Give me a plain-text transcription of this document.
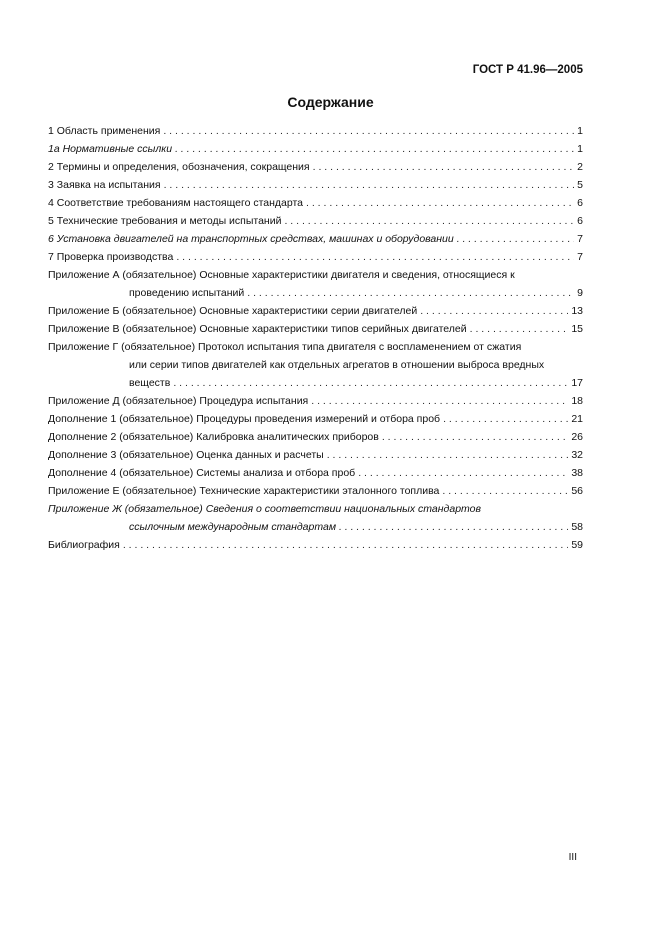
ГОСТ Р 41.96—2005
Содержание
1 Область применения . . .	1
1а Нормативные ссылки . . .	1
2 Термины и определения, обозначения, сокращения . . .	2
3 Заявка на испытания . . .	5
4 Соответствие требованиям настоящего стандарта . . .	6
5 Технические требования и методы испытаний . . .	6
6 Установка двигателей на транспортных средствах, машинах и оборудовании . . .	7
7 Проверка производства . . .	7
Приложение А (обязательное) Основные характеристики двигателя и сведения, относящиеся к
проведению испытаний . . .	9
Приложение Б (обязательное) Основные характеристики серии двигателей . . .	13
Приложение В (обязательное) Основные характеристики типов серийных двигателей . . .	15
Приложение Г (обязательное) Протокол испытания типа двигателя с воспламенением от сжатия
или серии типов двигателей как отдельных агрегатов в отношении выброса вредных
веществ . . .	17
Приложение Д (обязательное) Процедура испытания . . .	18
Дополнение 1 (обязательное) Процедуры проведения измерений и отбора проб . . .	21
Дополнение 2 (обязательное) Калибровка аналитических приборов . . .	26
Дополнение 3 (обязательное) Оценка данных и расчеты . . .	32
Дополнение 4 (обязательное) Системы анализа и отбора проб . . .	38
Приложение Е (обязательное) Технические характеристики эталонного топлива . . .	56
Приложение Ж (обязательное) Сведения о соответствии национальных стандартов
ссылочным международным стандартам . . .	58
Библиография . . .	59
III
